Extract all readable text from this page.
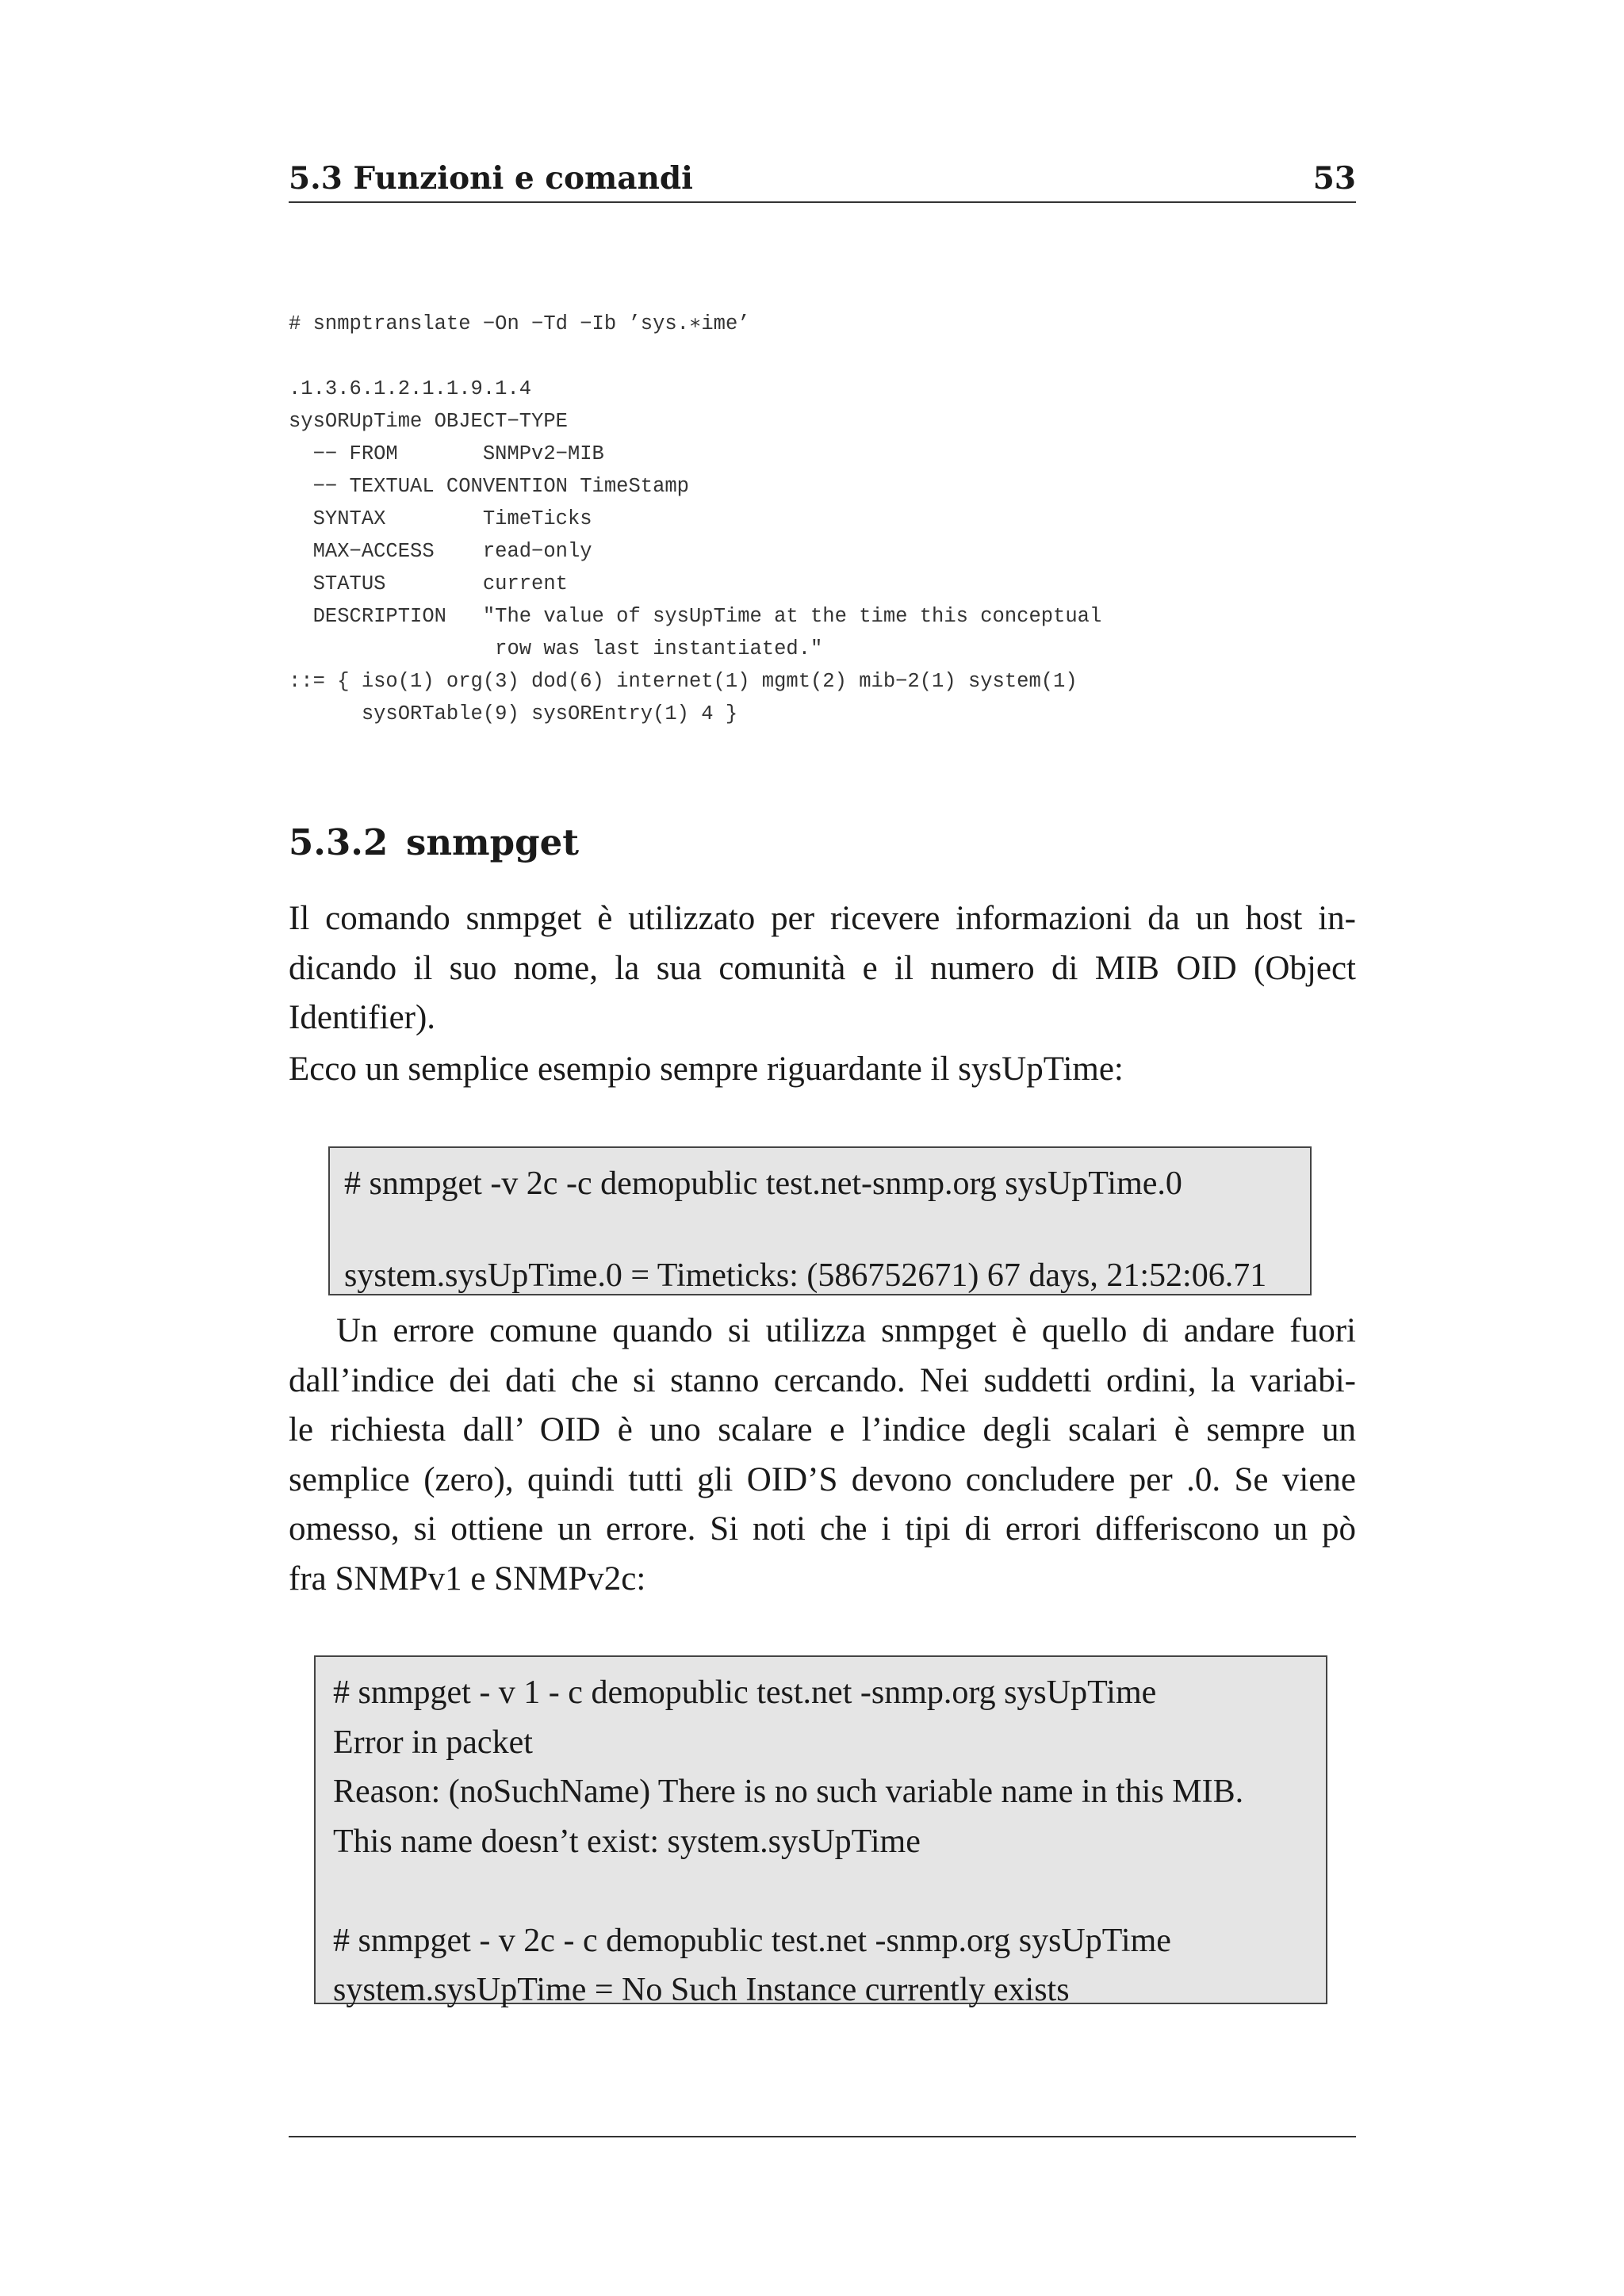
5.3 Funzioni e comandi	53
# snmptranslate −On −Td −Ib ’sys.∗ime’
.1.3.6.1.2.1.1.9.1.4
sysORUpTime OBJECT−TYPE
−− FROM       SNMPv2−MIB
−− TEXTUAL CONVENTION TimeStamp
SYNTAX        TimeTicks
MAX−ACCESS    read−only
STATUS        current
DESCRIPTION   "The value of sysUpTime at the time this conceptual
row was last instantiated."
::= { iso(1) org(3) dod(6) internet(1) mgmt(2) mib−2(1) system(1)
sysORTable(9) sysOREntry(1) 4 }
5.3.2 snmpget
Il comando snmpget è utilizzato per ricevere informazioni da un host in-
dicando il suo nome, la sua comunità e il numero di MIB OID (Object
Identifier).
Ecco un semplice esempio sempre riguardante il sysUpTime:
# snmpget -v 2c -c demopublic test.net-snmp.org sysUpTime.0
system.sysUpTime.0 = Timeticks: (586752671) 67 days, 21:52:06.71
Un errore comune quando si utilizza snmpget è quello di andare fuori
dall’indice dei dati che si stanno cercando. Nei suddetti ordini, la variabi-
le richiesta dall’ OID è uno scalare e l’indice degli scalari è sempre un
semplice (zero), quindi tutti gli OID’S devono concludere per .0. Se viene
omesso, si ottiene un errore. Si noti che i tipi di errori differiscono un pò
fra SNMPv1 e SNMPv2c:
# snmpget - v 1 - c demopublic test.net -snmp.org sysUpTime
Error in packet
Reason: (noSuchName) There is no such variable name in this MIB.
This name doesn’t exist: system.sysUpTime
# snmpget - v 2c - c demopublic test.net -snmp.org sysUpTime
system.sysUpTime = No Such Instance currently exists
